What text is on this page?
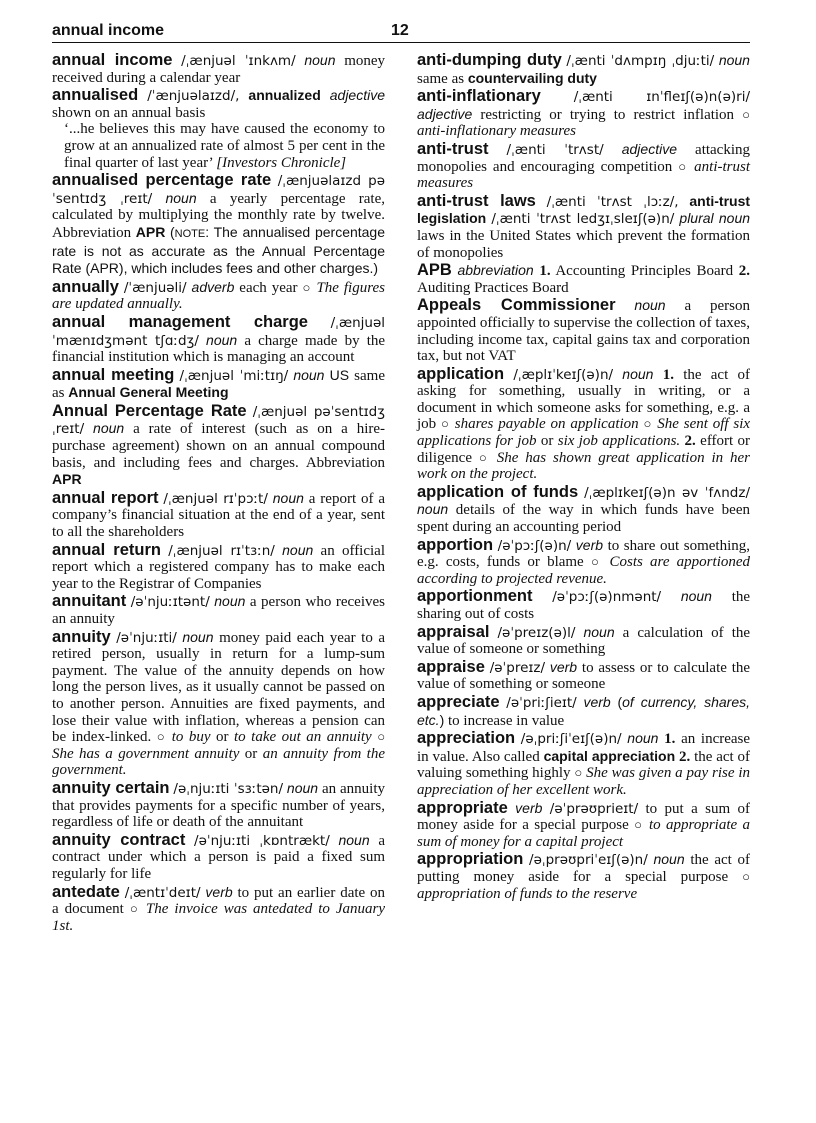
annual income	12

annual income /ˌænjuəl ˈɪnkʌm/ noun money received during a calendar year

annualised /ˈænjuəlaɪzd/, annualized adjective shown on an annual basis
‘...he believes this may have caused the economy to grow at an annualized rate of almost 5 per cent in the final quarter of last year’ [Investors Chronicle]

annualised percentage rate /ˌænjuəlaɪzd pəˈsentɪdʒ ˌreɪt/ noun a yearly percentage rate, calculated by multiplying the monthly rate by twelve. Abbreviation APR (NOTE: The annualised percentage rate is not as accurate as the Annual Percentage Rate (APR), which includes fees and other charges.)

annually /ˈænjuəli/ adverb each year ○ The figures are updated annually.

annual management charge /ˌænjuəl ˈmænɪdʒmənt tʃɑːdʒ/ noun a charge made by the financial institution which is managing an account

annual meeting /ˌænjuəl ˈmiːtɪŋ/ noun US same as Annual General Meeting

Annual Percentage Rate /ˌænjuəl pəˈsentɪdʒ ˌreɪt/ noun a rate of interest (such as on a hire-purchase agreement) shown on an annual compound basis, and including fees and charges. Abbreviation APR

annual report /ˌænjuəl rɪˈpɔːt/ noun a report of a company’s financial situation at the end of a year, sent to all the shareholders

annual return /ˌænjuəl rɪˈtɜːn/ noun an official report which a registered company has to make each year to the Registrar of Companies

annuitant /əˈnjuːɪtənt/ noun a person who receives an annuity

annuity /əˈnjuːɪti/ noun money paid each year to a retired person, usually in return for a lump-sum payment. The value of the annuity depends on how long the person lives, as it usually cannot be passed on to another person. Annuities are fixed payments, and lose their value with inflation, whereas a pension can be index-linked. ○ to buy or to take out an annuity ○ She has a government annuity or an annuity from the government.

annuity certain /əˌnjuːɪti ˈsɜːtən/ noun an annuity that provides payments for a specific number of years, regardless of life or death of the annuitant

annuity contract /əˈnjuːɪti ˌkɒntrækt/ noun a contract under which a person is paid a fixed sum regularly for life

antedate /ˌæntɪˈdeɪt/ verb to put an earlier date on a document ○ The invoice was antedated to January 1st.

anti-dumping duty /ˌænti ˈdʌmpɪŋ ˌdjuːti/ noun same as countervailing duty

anti-inflationary /ˌænti ɪnˈfleɪʃ(ə)n(ə)ri/ adjective restricting or trying to restrict inflation ○ anti-inflationary measures

anti-trust /ˌænti ˈtrʌst/ adjective attacking monopolies and encouraging competition ○ anti-trust measures

anti-trust laws /ˌænti ˈtrʌst ˌlɔːz/, anti-trust legislation /ˌænti ˈtrʌst ledʒɪˌsleɪʃ(ə)n/ plural noun laws in the United States which prevent the formation of monopolies

APB abbreviation 1. Accounting Principles Board 2. Auditing Practices Board

Appeals Commissioner noun a person appointed officially to supervise the collection of taxes, including income tax, capital gains tax and corporation tax, but not VAT

application /ˌæplɪˈkeɪʃ(ə)n/ noun 1. the act of asking for something, usually in writing, or a document in which someone asks for something, e.g. a job ○ shares payable on application ○ She sent off six applications for job or six job applications. 2. effort or diligence ○ She has shown great application in her work on the project.

application of funds /ˌæplɪkeɪʃ(ə)n əv ˈfʌndz/ noun details of the way in which funds have been spent during an accounting period

apportion /əˈpɔːʃ(ə)n/ verb to share out something, e.g. costs, funds or blame ○ Costs are apportioned according to projected revenue.

apportionment /əˈpɔːʃ(ə)nmənt/ noun the sharing out of costs

appraisal /əˈpreɪz(ə)l/ noun a calculation of the value of someone or something

appraise /əˈpreɪz/ verb to assess or to calculate the value of something or someone

appreciate /əˈpriːʃieɪt/ verb (of currency, shares, etc.) to increase in value

appreciation /əˌpriːʃiˈeɪʃ(ə)n/ noun 1. an increase in value. Also called capital appreciation 2. the act of valuing something highly ○ She was given a pay rise in appreciation of her excellent work.

appropriate verb /əˈprəʊprieɪt/ to put a sum of money aside for a special purpose ○ to appropriate a sum of money for a capital project

appropriation /əˌprəʊpriˈeɪʃ(ə)n/ noun the act of putting money aside for a special purpose ○ appropriation of funds to the reserve
